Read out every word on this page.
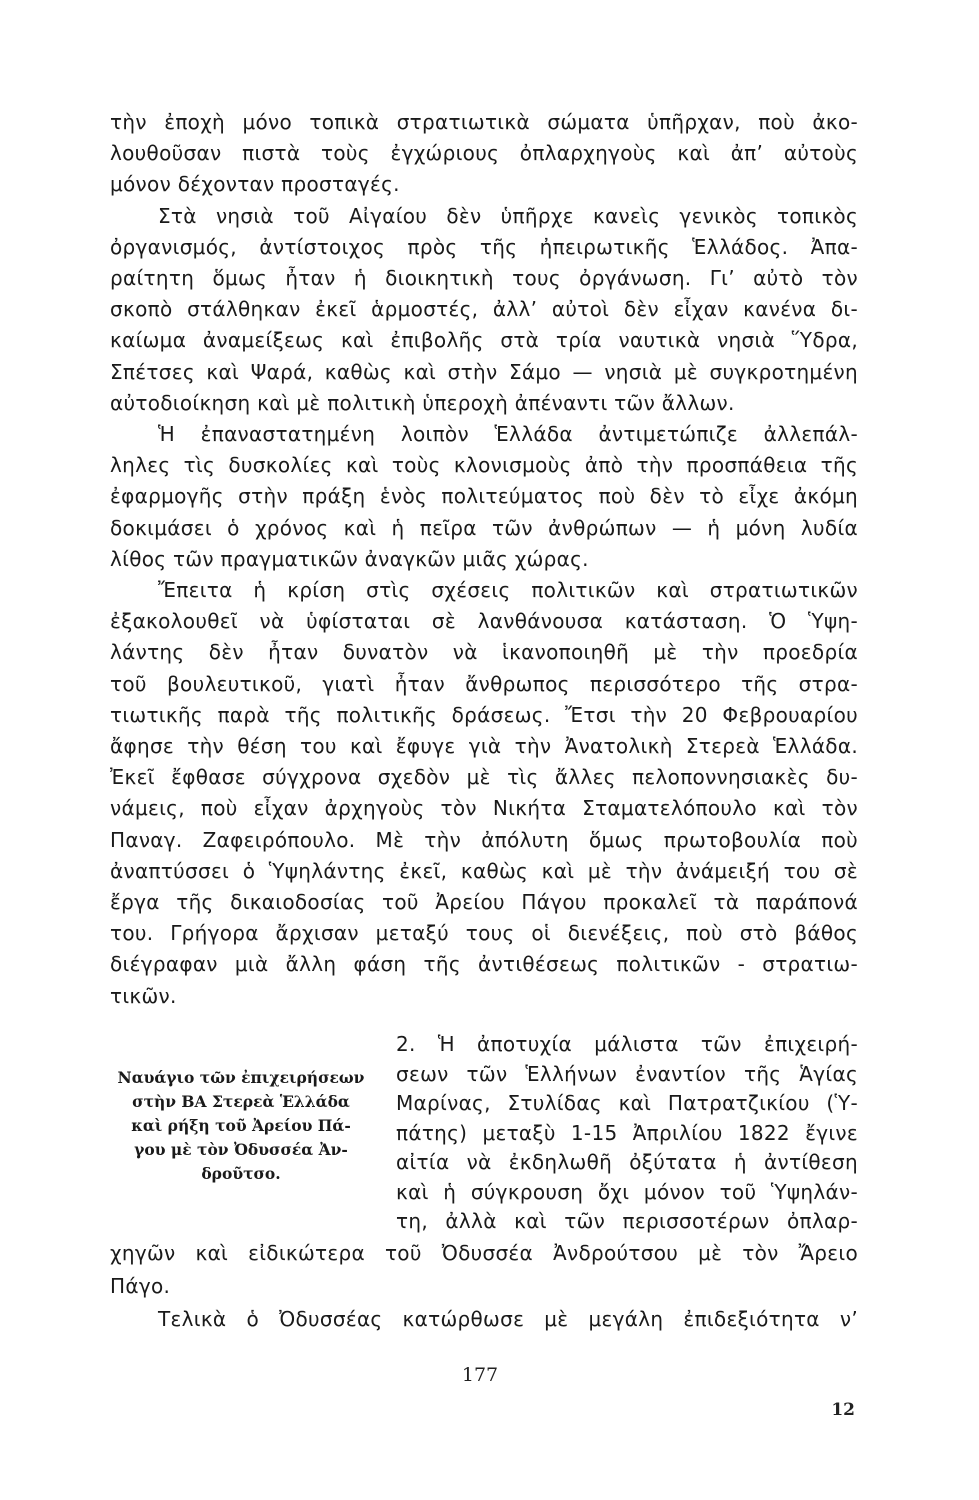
τὴν ἐποχὴ μόνο τοπικὰ στρατιωτικὰ σώματα ὑπῆρχαν, ποὺ ἀκο-
λουθοῦσαν πιστὰ τοὺς ἐγχώριους ὀπλαρχηγοὺς καὶ ἀπ’ αὐτοὺς
μόνον δέχονταν προσταγές.
Στὰ νησιὰ τοῦ Αἰγαίου δὲν ὑπῆρχε κανεὶς γενικὸς τοπικὸς
ὀργανισμός, ἀντίστοιχος πρὸς τῆς ἠπειρωτικῆς Ἑλλάδος. Ἀπα-
ραίτητη ὅμως ἦταν ἡ διοικητικὴ τους ὀργάνωση. Γι’ αὐτὸ τὸν
σκοπὸ στάλθηκαν ἐκεῖ ἁρμοστές, ἀλλ’ αὐτοὶ δὲν εἶχαν κανένα δι-
καίωμα ἀναμείξεως καὶ ἐπιβολῆς στὰ τρία ναυτικὰ νησιὰ Ὕδρα,
Σπέτσες καὶ Ψαρά, καθὼς καὶ στὴν Σάμο — νησιὰ μὲ συγκροτημένη
αὐτοδιοίκηση καὶ μὲ πολιτικὴ ὑπεροχὴ ἀπέναντι τῶν ἄλλων.
Ἡ ἐπαναστατημένη λοιπὸν Ἑλλάδα ἀντιμετώπιζε ἀλλεπάλ-
ληλες τὶς δυσκολίες καὶ τοὺς κλονισμοὺς ἀπὸ τὴν προσπάθεια τῆς
ἐφαρμογῆς στὴν πράξη ἑνὸς πολιτεύματος ποὺ δὲν τὸ εἶχε ἀκόμη
δοκιμάσει ὁ χρόνος καὶ ἡ πεῖρα τῶν ἀνθρώπων — ἡ μόνη λυδία
λίθος τῶν πραγματικῶν ἀναγκῶν μιᾶς χώρας.
Ἔπειτα ἡ κρίση στὶς σχέσεις πολιτικῶν καὶ στρατιωτικῶν
ἐξακολουθεῖ νὰ ὑφίσταται σὲ λανθάνουσα κατάσταση. Ὁ Ὑψη-
λάντης δὲν ἦταν δυνατὸν νὰ ἱκανοποιηθῆ μὲ τὴν προεδρία
τοῦ βουλευτικοῦ, γιατὶ ἦταν ἄνθρωπος περισσότερο τῆς στρα-
τιωτικῆς παρὰ τῆς πολιτικῆς δράσεως. Ἔτσι τὴν 20 Φεβρουαρίου
ἄφησε τὴν θέση του καὶ ἔφυγε γιὰ τὴν Ἀνατολικὴ Στερεὰ Ἑλλάδα.
Ἐκεῖ ἔφθασε σύγχρονα σχεδὸν μὲ τὶς ἄλλες πελοποννησιακὲς δυ-
νάμεις, ποὺ εἶχαν ἀρχηγοὺς τὸν Νικήτα Σταματελόπουλο καὶ τὸν
Παναγ. Ζαφειρόπουλο. Μὲ τὴν ἀπόλυτη ὅμως πρωτοβουλία ποὺ
ἀναπτύσσει ὁ Ὑψηλάντης ἐκεῖ, καθὼς καὶ μὲ τὴν ἀνάμειξή του σὲ
ἔργα τῆς δικαιοδοσίας τοῦ Ἀρείου Πάγου προκαλεῖ τὰ παράπονά
του. Γρήγορα ἄρχισαν μεταξύ τους οἱ διενέξεις, ποὺ στὸ βάθος
διέγραφαν μιὰ ἄλλη φάση τῆς ἀντιθέσεως πολιτικῶν - στρατιω-
τικῶν.
2. Ἡ ἀποτυχία μάλιστα τῶν ἐπιχειρή-
σεων τῶν Ἑλλήνων ἐναντίον τῆς Ἁγίας
Μαρίνας, Στυλίδας καὶ Πατρατζικίου (Ὑ-
πάτης) μεταξὺ 1-15 Ἀπριλίου 1822 ἔγινε
αἰτία νὰ ἐκδηλωθῆ ὀξύτατα ἡ ἀντίθεση
καὶ ἡ σύγκρουση ὄχι μόνον τοῦ Ὑψηλάν-
τη, ἀλλὰ καὶ τῶν περισσοτέρων ὀπλαρ-
χηγῶν καὶ εἰδικώτερα τοῦ Ὀδυσσέα Ἀνδρούτσου μὲ τὸν Ἄρειο
Πάγο.
Τελικὰ ὁ Ὀδυσσέας κατώρθωσε μὲ μεγάλη ἐπιδεξιότητα ν’
Ναυάγιο τῶν ἐπιχειρήσεων
στὴν ΒΑ Στερεὰ Ἑλλάδα
καὶ ρήξη τοῦ Ἀρείου Πά-
γου μὲ τὸν Ὀδυσσέα Ἀν-
δροῦτσο.
177
12
